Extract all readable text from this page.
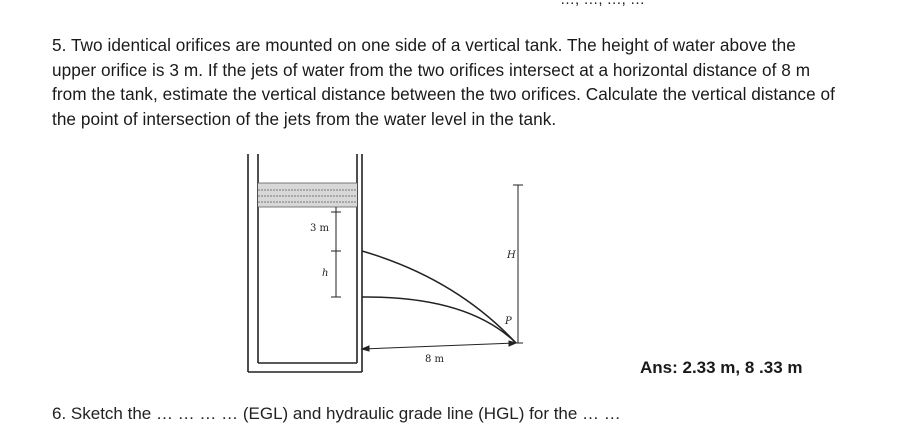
5. Two identical orifices are mounted on one side of a vertical tank. The height of water above the upper orifice is 3 m. If the jets of water from the two orifices intersect at a horizontal distance of 8 m from the tank, estimate the vertical distance between the two orifices. Calculate the vertical distance of the point of intersection of the jets from the water level in the tank.
3 m
h
H
P
8 m	Ans: 2.33 m, 8 .33 m
6. Sketch the … … … … (EGL) and hydraulic grade line (HGL) for the … …
